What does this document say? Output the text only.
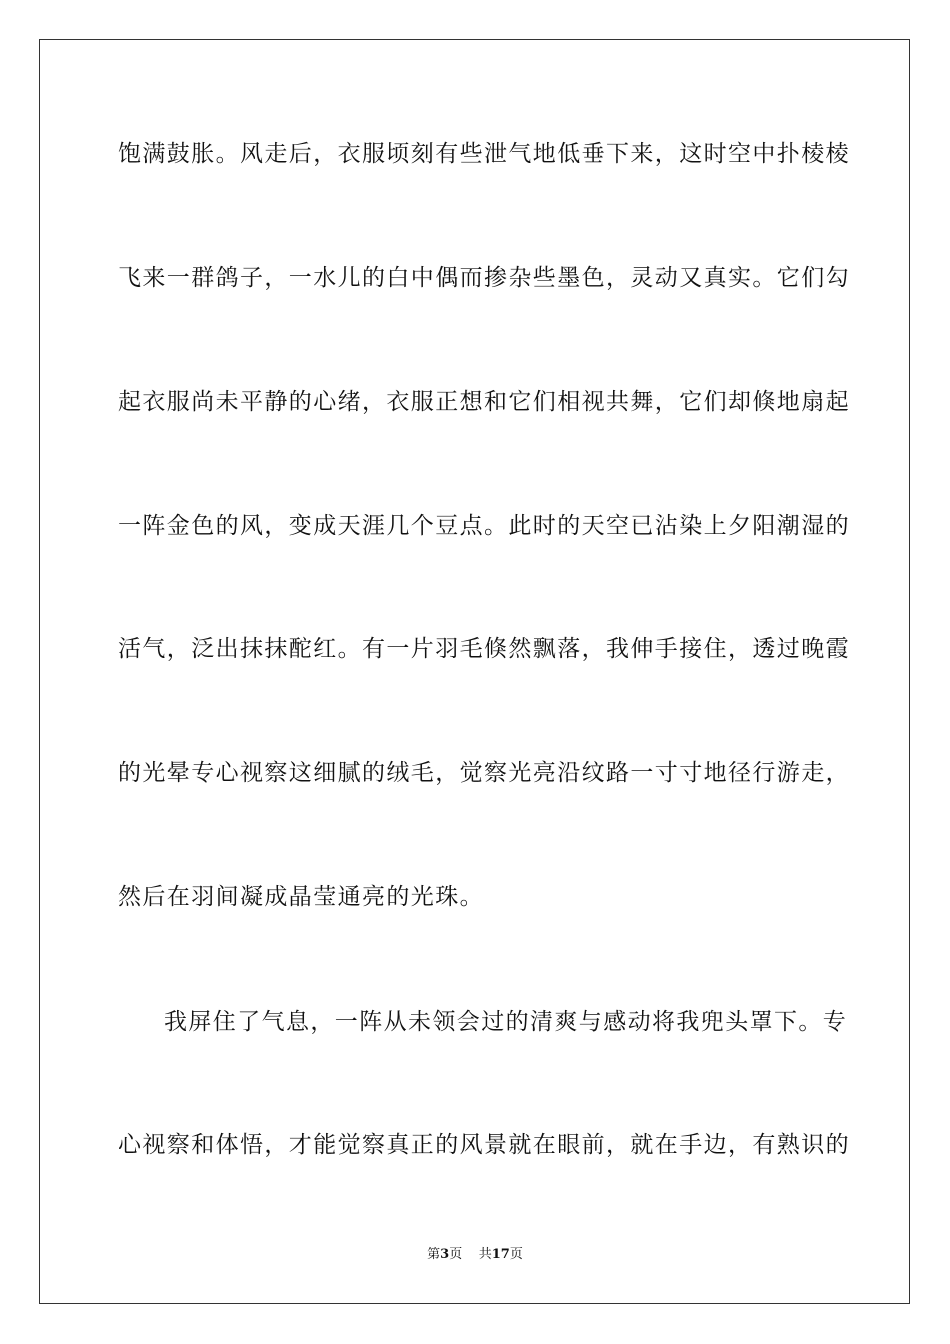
饱满鼓胀。风走后，衣服顷刻有些泄气地低垂下来，这时空中扑棱棱
飞来一群鸽子，一水儿的白中偶而掺杂些墨色，灵动又真实。它们勾
起衣服尚未平静的心绪，衣服正想和它们相视共舞，它们却倏地扇起
一阵金色的风，变成天涯几个豆点。此时的天空已沾染上夕阳潮湿的
活气，泛出抹抹酡红。有一片羽毛倏然飘落，我伸手接住，透过晚霞
的光晕专心视察这细腻的绒毛，觉察光亮沿纹路一寸寸地径行游走，
然后在羽间凝成晶莹通亮的光珠。
我屏住了气息，一阵从未领会过的清爽与感动将我兜头罩下。专
心视察和体悟，才能觉察真正的风景就在眼前，就在手边，有熟识的
第3页 共17页
